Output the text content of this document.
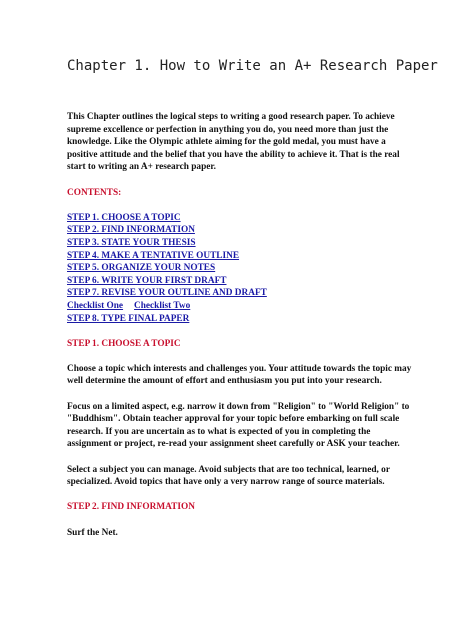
Chapter 1. How to Write an A+ Research Paper

This Chapter outlines the logical steps to writing a good research paper. To achieve supreme excellence or perfection in anything you do, you need more than just the knowledge. Like the Olympic athlete aiming for the gold medal, you must have a positive attitude and the belief that you have the ability to achieve it. That is the real start to writing an A+ research paper.

CONTENTS:

STEP 1. CHOOSE A TOPIC
STEP 2. FIND INFORMATION
STEP 3. STATE YOUR THESIS
STEP 4. MAKE A TENTATIVE OUTLINE
STEP 5. ORGANIZE YOUR NOTES
STEP 6. WRITE YOUR FIRST DRAFT
STEP 7. REVISE YOUR OUTLINE AND DRAFT
Checklist One Checklist Two
STEP 8. TYPE FINAL PAPER

STEP 1. CHOOSE A TOPIC

Choose a topic which interests and challenges you. Your attitude towards the topic may well determine the amount of effort and enthusiasm you put into your research.

Focus on a limited aspect, e.g. narrow it down from "Religion" to "World Religion" to "Buddhism". Obtain teacher approval for your topic before embarking on full scale research. If you are uncertain as to what is expected of you in completing the assignment or project, re-read your assignment sheet carefully or ASK your teacher.

Select a subject you can manage. Avoid subjects that are too technical, learned, or specialized. Avoid topics that have only a very narrow range of source materials.

STEP 2. FIND INFORMATION

Surf the Net.
